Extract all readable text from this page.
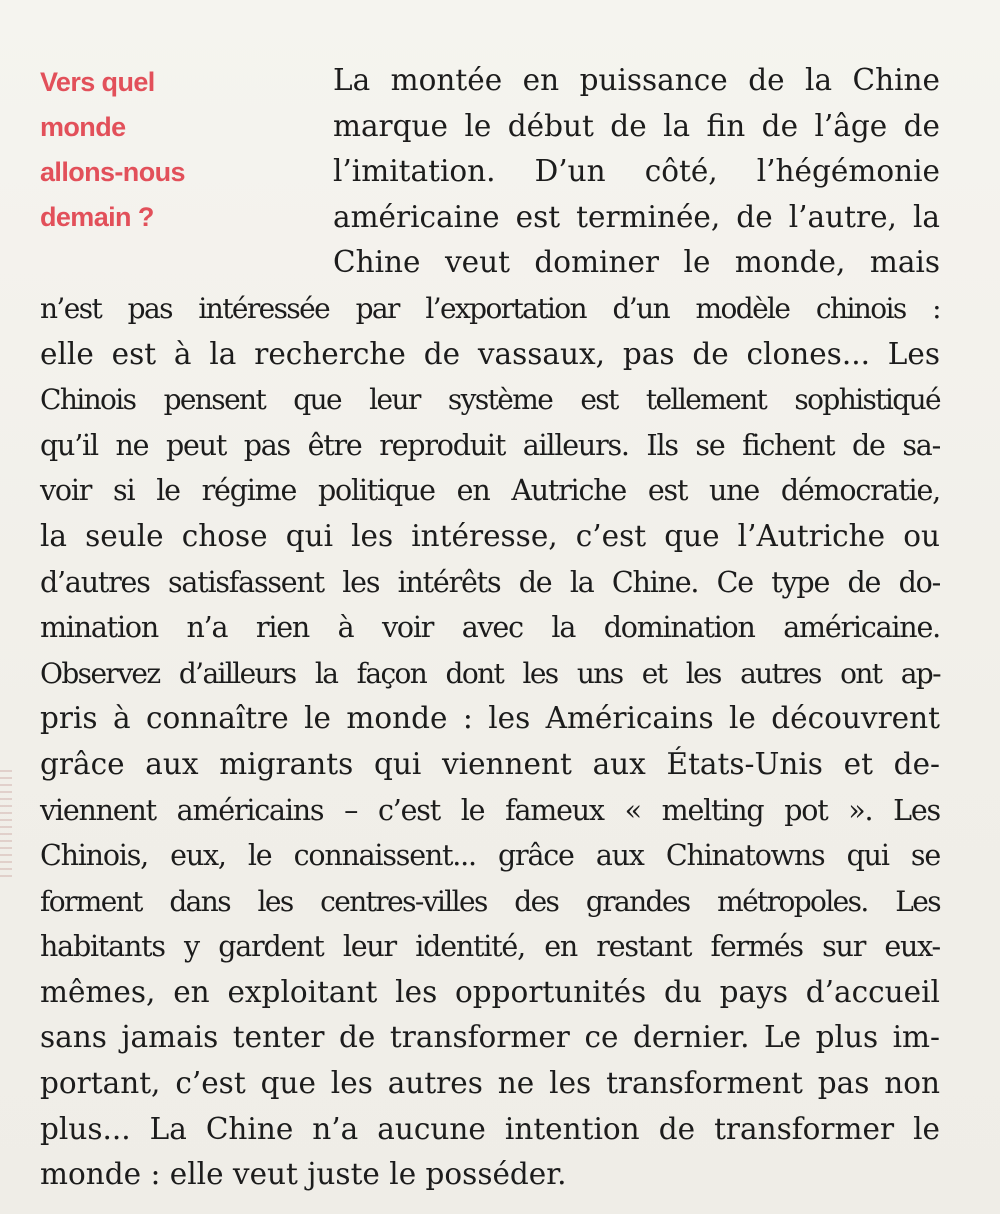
Vers quel
monde
allons-nous
demain ?
La montée en puissance de la Chine
marque le début de la fin de l’âge de
l’imitation. D’un côté, l’hégémonie
américaine est terminée, de l’autre, la
Chine veut dominer le monde, mais
n’est pas intéressée par l’exportation d’un modèle chinois :
elle est à la recherche de vassaux, pas de clones... Les
Chinois pensent que leur système est tellement sophistiqué
qu’il ne peut pas être reproduit ailleurs. Ils se fichent de sa-
voir si le régime politique en Autriche est une démocratie,
la seule chose qui les intéresse, c’est que l’Autriche ou
d’autres satisfassent les intérêts de la Chine. Ce type de do-
mination n’a rien à voir avec la domination américaine.
Observez d’ailleurs la façon dont les uns et les autres ont ap-
pris à connaître le monde : les Américains le découvrent
grâce aux migrants qui viennent aux États-Unis et de-
viennent américains – c’est le fameux « melting pot ». Les
Chinois, eux, le connaissent... grâce aux Chinatowns qui se
forment dans les centres-villes des grandes métropoles. Les
habitants y gardent leur identité, en restant fermés sur eux-
mêmes, en exploitant les opportunités du pays d’accueil
sans jamais tenter de transformer ce dernier. Le plus im-
portant, c’est que les autres ne les transforment pas non
plus... La Chine n’a aucune intention de transformer le
monde : elle veut juste le posséder.
